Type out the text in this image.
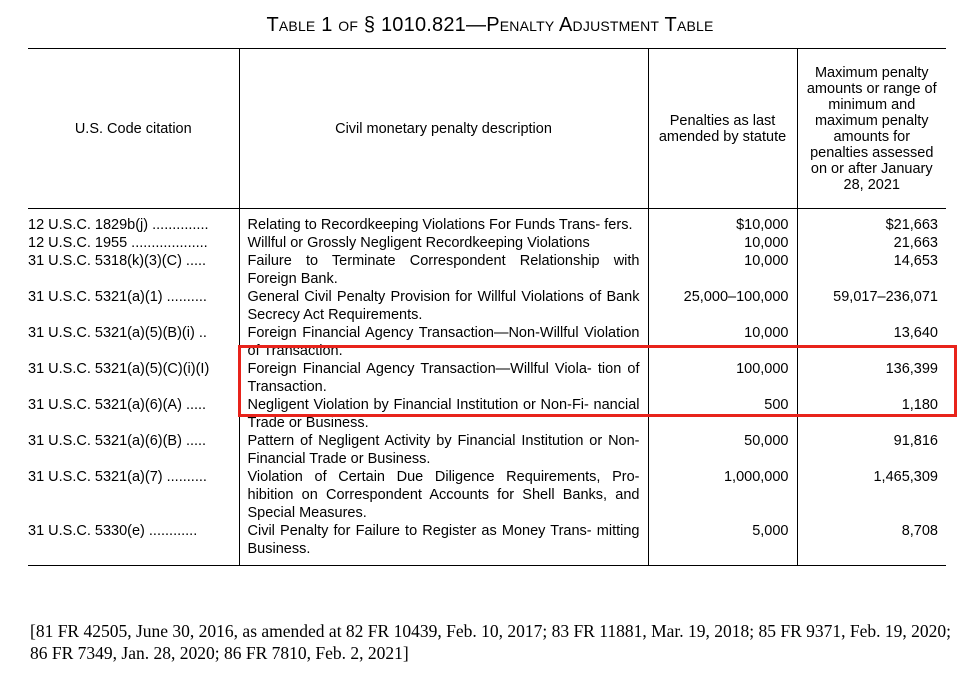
Table 1 of § 1010.821—Penalty Adjustment Table
U.S. Code citation	Civil monetary penalty description	Penalties as last amended by statute	Maximum penalty amounts or range of minimum and maximum penalty amounts for penalties assessed on or after January 28, 2021

12 U.S.C. 1829b(j) ..............	Relating to Recordkeeping Violations For Funds Trans- fers.	$10,000	$21,663
12 U.S.C. 1955 ...................	Willful or Grossly Negligent Recordkeeping Violations	10,000	21,663
31 U.S.C. 5318(k)(3)(C) .....	Failure to Terminate Correspondent Relationship with Foreign Bank.	10,000	14,653
31 U.S.C. 5321(a)(1) ..........	General Civil Penalty Provision for Willful Violations of Bank Secrecy Act Requirements.	25,000–100,000	59,017–236,071
31 U.S.C. 5321(a)(5)(B)(i) ..	Foreign Financial Agency Transaction—Non-Willful Violation of Transaction.	10,000	13,640
31 U.S.C. 5321(a)(5)(C)(i)(I)	Foreign Financial Agency Transaction—Willful Viola- tion of Transaction.	100,000	136,399
31 U.S.C. 5321(a)(6)(A) .....	Negligent Violation by Financial Institution or Non-Fi- nancial Trade or Business.	500	1,180
31 U.S.C. 5321(a)(6)(B) .....	Pattern of Negligent Activity by Financial Institution or Non-Financial Trade or Business.	50,000	91,816
31 U.S.C. 5321(a)(7) ..........	Violation of Certain Due Diligence Requirements, Pro- hibition on Correspondent Accounts for Shell Banks, and Special Measures.	1,000,000	1,465,309
31 U.S.C. 5330(e) ............	Civil Penalty for Failure to Register as Money Trans- mitting Business.	5,000	8,708
[81 FR 42505, June 30, 2016, as amended at 82 FR 10439, Feb. 10, 2017; 83 FR 11881, Mar. 19, 2018; 85 FR 9371, Feb. 19, 2020; 86 FR 7349, Jan. 28, 2020; 86 FR 7810, Feb. 2, 2021]
